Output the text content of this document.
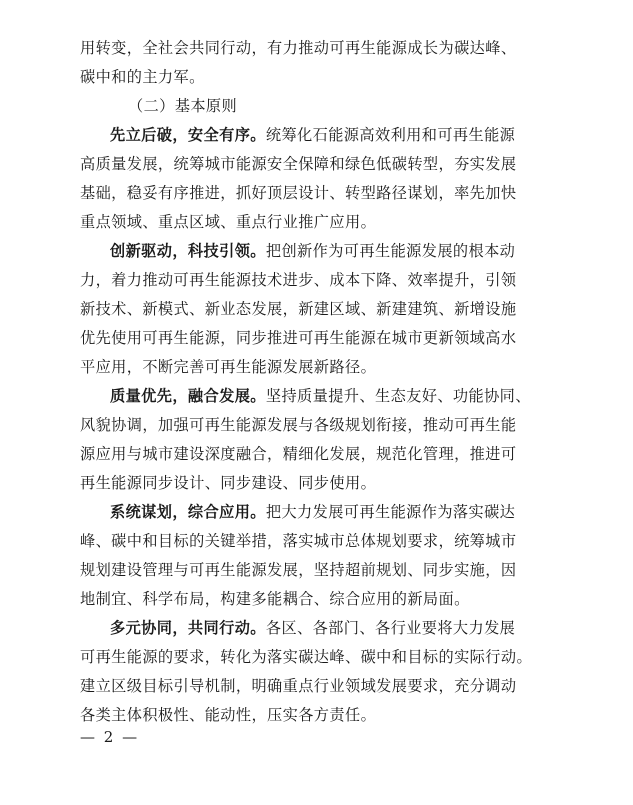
用转变，全社会共同行动，有力推动可再生能源成长为碳达峰、
碳中和的主力军。
（二）基本原则
先立后破，安全有序。统筹化石能源高效利用和可再生能源
高质量发展，统筹城市能源安全保障和绿色低碳转型，夯实发展
基础，稳妥有序推进，抓好顶层设计、转型路径谋划，率先加快
重点领域、重点区域、重点行业推广应用。
创新驱动，科技引领。把创新作为可再生能源发展的根本动
力，着力推动可再生能源技术进步、成本下降、效率提升，引领
新技术、新模式、新业态发展，新建区域、新建建筑、新增设施
优先使用可再生能源，同步推进可再生能源在城市更新领域高水
平应用，不断完善可再生能源发展新路径。
质量优先，融合发展。坚持质量提升、生态友好、功能协同、
风貌协调，加强可再生能源发展与各级规划衔接，推动可再生能
源应用与城市建设深度融合，精细化发展，规范化管理，推进可
再生能源同步设计、同步建设、同步使用。
系统谋划，综合应用。把大力发展可再生能源作为落实碳达
峰、碳中和目标的关键举措，落实城市总体规划要求，统筹城市
规划建设管理与可再生能源发展，坚持超前规划、同步实施，因
地制宜、科学布局，构建多能耦合、综合应用的新局面。
多元协同，共同行动。各区、各部门、各行业要将大力发展
可再生能源的要求，转化为落实碳达峰、碳中和目标的实际行动。
建立区级目标引导机制，明确重点行业领域发展要求，充分调动
各类主体积极性、能动性，压实各方责任。
— 2 —
